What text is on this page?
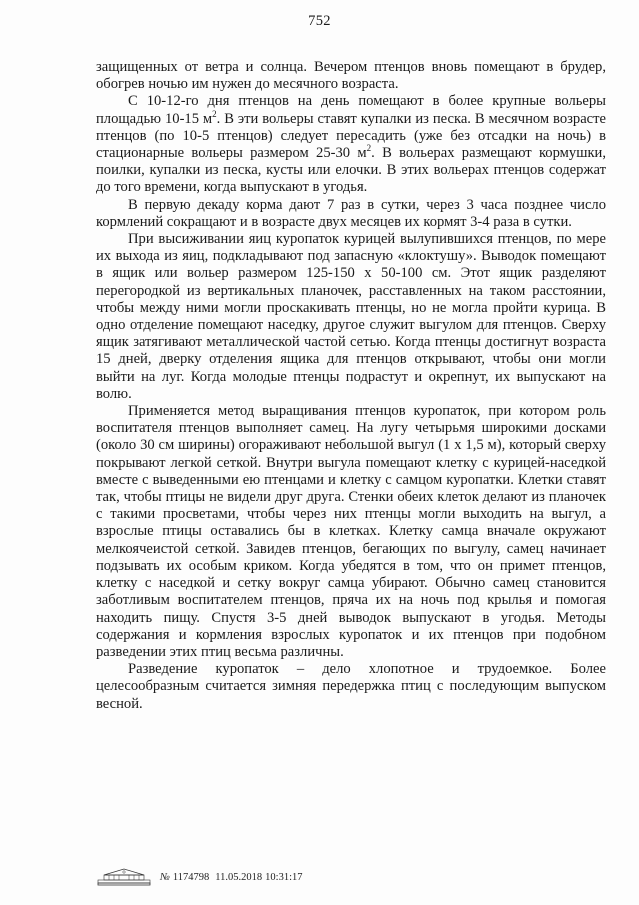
752

защищенных от ветра и солнца. Вечером птенцов вновь помещают в брудер, обогрев ночью им нужен до месячного возраста.

С 10-12-го дня птенцов на день помещают в более крупные вольеры площадью 10-15 $м^2$. В эти вольеры ставят купалки из песка. В месячном возрасте птенцов (по 10-5 птенцов) следует пересадить (уже без отсадки на ночь) в стационарные вольеры размером 25-30 $м^2$. В вольерах размещают кормушки, поилки, купалки из песка, кусты или елочки. В этих вольерах птенцов содержат до того времени, когда выпускают в угодья.

В первую декаду корма дают 7 раз в сутки, через 3 часа позднее число кормлений сокращают и в возрасте двух месяцев их кормят 3-4 раза в сутки.

При высиживании яиц куропаток курицей вылупившихся птенцов, по мере их выхода из яиц, подкладывают под запасную «клоктушу». Выводок помещают в ящик или вольер размером 125-150 х 50-100 см. Этот ящик разделяют перегородкой из вертикальных планочек, расставленных на таком расстоянии, чтобы между ними могли проскакивать птенцы, но не могла пройти курица. В одно отделение помещают наседку, другое служит выгулом для птенцов. Сверху ящик затягивают металлической частой сетью. Когда птенцы достигнут возраста 15 дней, дверку отделения ящика для птенцов открывают, чтобы они могли выйти на луг. Когда молодые птенцы подрастут и окрепнут, их выпускают на волю.

Применяется метод выращивания птенцов куропаток, при котором роль воспитателя птенцов выполняет самец. На лугу четырьмя широкими досками (около 30 см ширины) огораживают небольшой выгул (1 х 1,5 м), который сверху покрывают легкой сеткой. Внутри выгула помещают клетку с курицей-наседкой вместе с выведенными ею птенцами и клетку с самцом куропатки. Клетки ставят так, чтобы птицы не видели друг друга. Стенки обеих клеток делают из планочек с такими просветами, чтобы через них птенцы могли выходить на выгул, а взрослые птицы оставались бы в клетках. Клетку самца вначале окружают мелкоячеистой сеткой. Завидев птенцов, бегающих по выгулу, самец начинает подзывать их особым криком. Когда убедятся в том, что он примет птенцов, клетку с наседкой и сетку вокруг самца убирают. Обычно самец становится заботливым воспитателем птенцов, пряча их на ночь под крылья и помогая находить пищу. Спустя 3-5 дней выводок выпускают в угодья. Методы содержания и кормления взрослых куропаток и их птенцов при подобном разведении этих птиц весьма различны.

Разведение куропаток – дело хлопотное и трудоемкое. Более целесообразным считается зимняя передержка птиц с последующим выпуском весной.

№ 1174798 11.05.2018 10:31:17
